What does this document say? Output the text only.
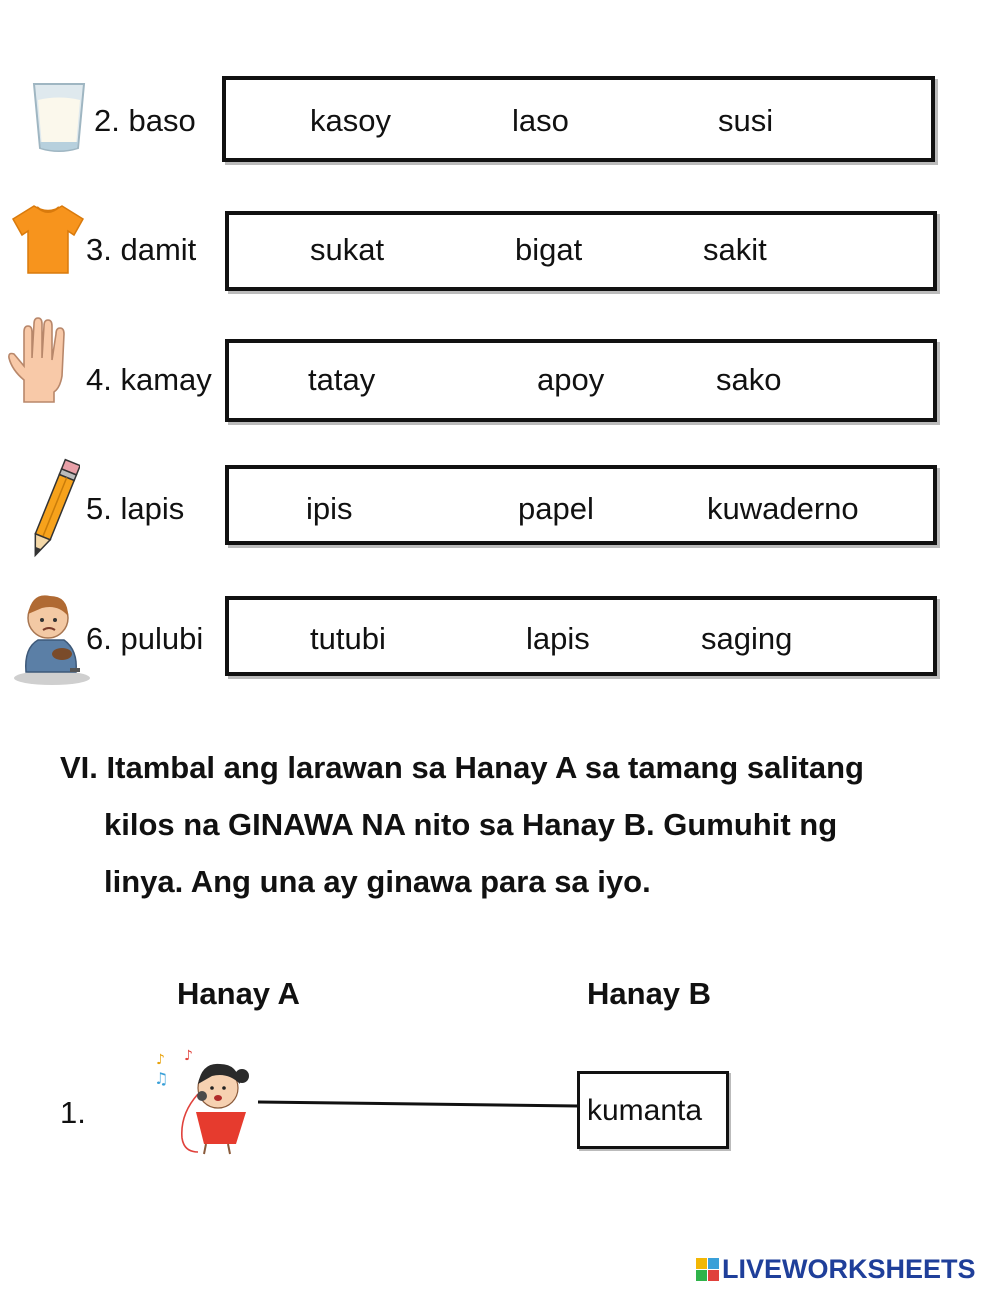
2. baso	kasoy	laso	susi
3. damit	sukat	bigat	sakit
4. kamay	tatay	apoy	sako
5. lapis	ipis	papel	kuwaderno
6. pulubi	tutubi	lapis	saging
VI. Itambal ang larawan sa Hanay A sa tamang salitang
kilos na GINAWA NA nito sa Hanay B. Gumuhit ng
linya. Ang una ay ginawa para sa iyo.
Hanay A	Hanay B
1.
♪ ♪
♫
kumanta
LIVEWORKSHEETS
